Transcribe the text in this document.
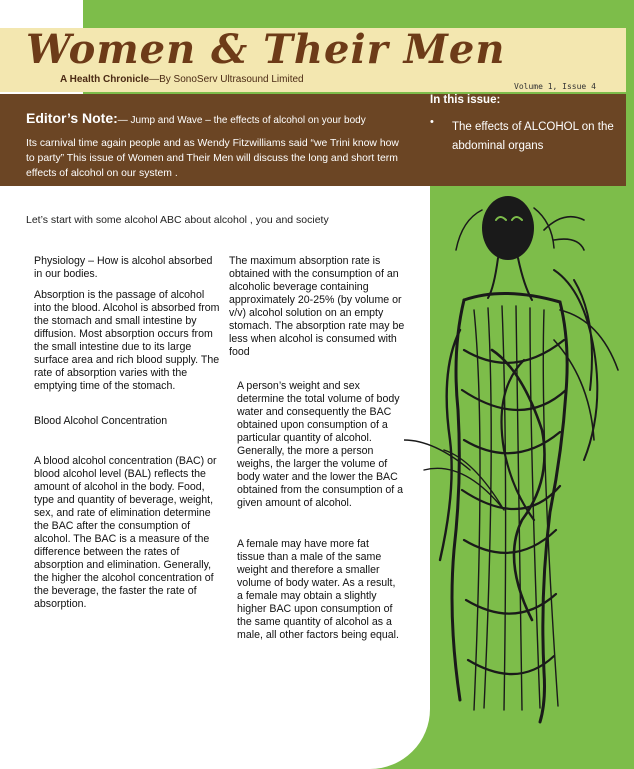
Women & Their Men
A Health Chronicle—By SonoServ Ultrasound Limited
Volume 1, Issue 4
Editor’s Note:— Jump and Wave – the effects of alcohol on your body
Its carnival time again people and as Wendy Fitzwilliams said “we Trini know how to party” This issue of Women and Their Men will discuss the long and short term effects of alcohol on our system .
In this issue:
• The effects of ALCOHOL on the abdominal organs
Let’s start with some alcohol ABC about alcohol , you and society

Physiology – How is alcohol absorbed in our bodies.

Absorption is the passage of alcohol into the blood. Alcohol is absorbed from the stomach and small intestine by diffusion. Most absorption occurs from the small intestine due to its large surface area and rich blood supply. The rate of absorption varies with the emptying time of the stomach.

Blood Alcohol Concentration

A blood alcohol concentration (BAC) or blood alcohol level (BAL) reflects the amount of alcohol in the body. Food, type and quantity of beverage, weight, sex, and rate of elimination determine the BAC after the consumption of alcohol. The BAC is a measure of the difference between the rates of absorption and elimination. Generally, the higher the alcohol concentration of the beverage, the faster the rate of absorption.

The maximum absorption rate is obtained with the consumption of an alcoholic beverage containing approximately 20-25% (by volume or v/v) alcohol solution on an empty stomach. The absorption rate may be less when alcohol is consumed with food

A person’s weight and sex determine the total volume of body water and consequently the BAC obtained upon consumption of a particular quantity of alcohol. Generally, the more a person weighs, the larger the volume of body water and the lower the BAC obtained from the consumption of a given amount of alcohol.

A female may have more fat tissue than a male of the same weight and therefore a smaller volume of body water. As a result, a female may obtain a slightly higher BAC upon consumption of the same quantity of alcohol as a male, all other factors being equal.
